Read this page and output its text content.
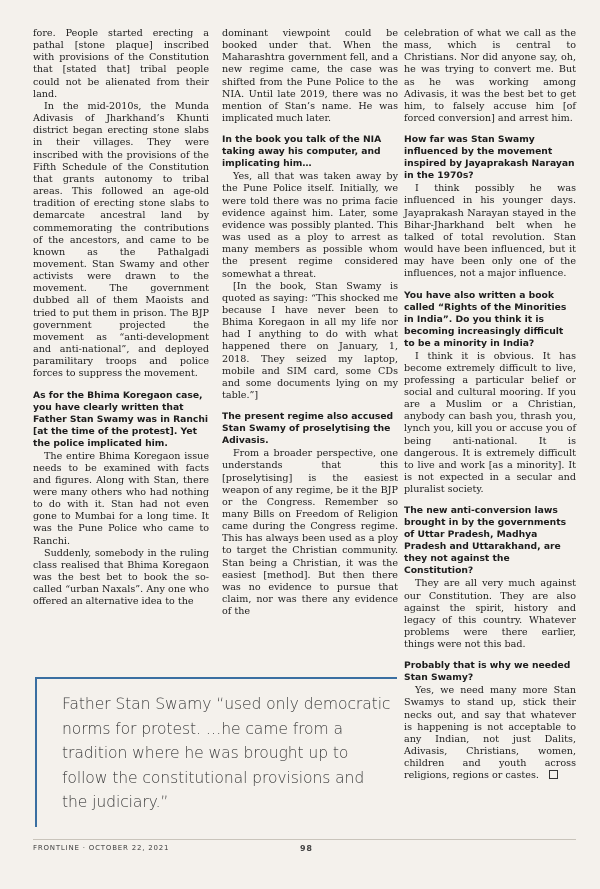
fore. People started erecting a pathal [stone plaque] inscribed with provisions of the Constitution that [stated that] tribal people could not be alienated from their land.

In the mid-2010s, the Munda Adivasis of Jharkhand’s Khunti district began erecting stone slabs in their villages. They were inscribed with the provisions of the Fifth Schedule of the Constitution that grants autonomy to tribal areas. This followed an age-old tradition of erecting stone slabs to demarcate ancestral land by commemorating the contributions of the ancestors, and came to be known as the Pathalgadi movement. Stan Swamy and other activists were drawn to the movement. The government dubbed all of them Maoists and tried to put them in prison. The BJP government projected the movement as “anti-development and anti-national”, and deployed paramilitary troops and police forces to suppress the movement.

As for the Bhima Koregaon case, you have clearly written that Father Stan Swamy was in Ranchi [at the time of the protest]. Yet the police implicated him.

The entire Bhima Koregaon issue needs to be examined with facts and figures. Along with Stan, there were many others who had nothing to do with it. Stan had not even gone to Mumbai for a long time. It was the Pune Police who came to Ranchi.

Suddenly, somebody in the ruling class realised that Bhima Koregaon was the best bet to book the so-called “urban Naxals”. Any one who offered an alternative idea to the

dominant viewpoint could be booked under that. When the Maharashtra government fell, and a new regime came, the case was shifted from the Pune Police to the NIA. Until late 2019, there was no mention of Stan’s name. He was implicated much later.

In the book you talk of the NIA taking away his computer, and implicating him…

Yes, all that was taken away by the Pune Police itself. Initially, we were told there was no prima facie evidence against him. Later, some evidence was possibly planted. This was used as a ploy to arrest as many members as possible whom the present regime considered somewhat a threat.

[In the book, Stan Swamy is quoted as saying: “This shocked me because I have never been to Bhima Koregaon in all my life nor had I anything to do with what happened there on January, 1, 2018. They seized my laptop, mobile and SIM card, some CDs and some documents lying on my table.”]

The present regime also accused Stan Swamy of proselytising the Adivasis.

From a broader perspective, one understands that this [proselytising] is the easiest weapon of any regime, be it the BJP or the Congress. Remember so many Bills on Freedom of Religion came during the Congress regime. This has always been used as a ploy to target the Christian community. Stan being a Christian, it was the easiest [method]. But then there was no evidence to pursue that claim, nor was there any evidence of the

celebration of what we call as the mass, which is central to Christians. Nor did anyone say, oh, he was trying to convert me. But as he was working among Adivasis, it was the best bet to get him, to falsely accuse him [of forced conversion] and arrest him.

How far was Stan Swamy influenced by the movement inspired by Jayaprakash Narayan in the 1970s?

I think possibly he was influenced in his younger days. Jayaprakash Narayan stayed in the Bihar-Jharkhand belt when he talked of total revolution. Stan would have been influenced, but it may have been only one of the influences, not a major influence.

You have also written a book called “Rights of the Minorities in India”. Do you think it is becoming increasingly difficult to be a minority in India?

I think it is obvious. It has become extremely difficult to live, professing a particular belief or social and cultural mooring. If you are a Muslim or a Christian, anybody can bash you, thrash you, lynch you, kill you or accuse you of being anti-national. It is dangerous. It is extremely difficult to live and work [as a minority]. It is not expected in a secular and pluralist society.

The new anti-conversion laws brought in by the governments of Uttar Pradesh, Madhya Pradesh and Uttarakhand, are they not against the Constitution?

They are all very much against our Constitution. They are also against the spirit, history and legacy of this country. Whatever problems were there earlier, things were not this bad.

Probably that is why we needed Stan Swamy?

Yes, we need many more Stan Swamys to stand up, stick their necks out, and say that whatever is happening is not acceptable to any Indian, not just Dalits, Adivasis, Christians, women, children and youth across religions, regions or castes.

Father Stan Swamy “used only democratic norms for protest. …he came from a tradition where he was brought up to follow the constitutional provisions and the judiciary.”
FRONTLINE · OCTOBER 22, 2021	98
